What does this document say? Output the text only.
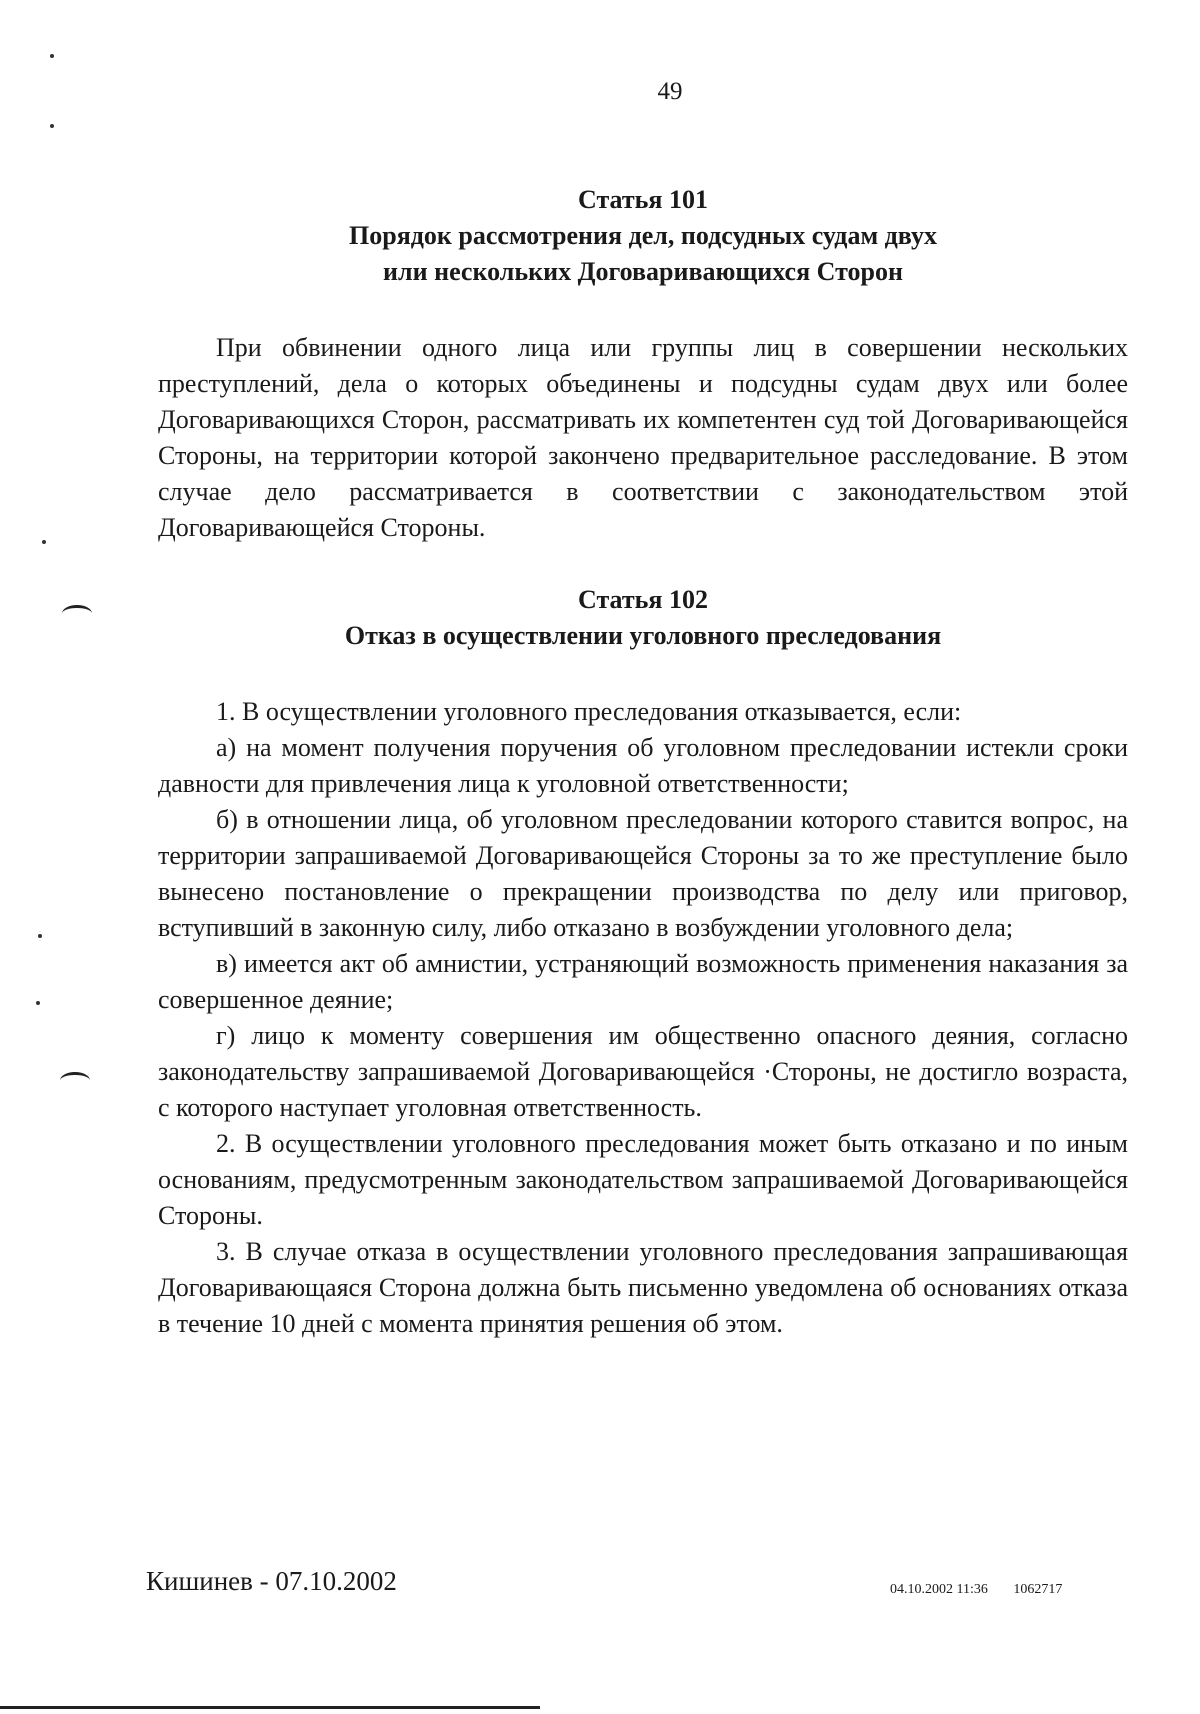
49
Статья 101
Порядок рассмотрения дел, подсудных судам двух или нескольких Договаривающихся Сторон

При обвинении одного лица или группы лиц в совершении нескольких преступлений, дела о которых объединены и подсудны судам двух или более Договаривающихся Сторон, рассматривать их компетентен суд той Договаривающейся Стороны, на территории которой закончено предварительное расследование. В этом случае дело рассматривается в соответствии с законодательством этой Договаривающейся Стороны.

Статья 102
Отказ в осуществлении уголовного преследования

1. В осуществлении уголовного преследования отказывается, если:

а) на момент получения поручения об уголовном преследовании истекли сроки давности для привлечения лица к уголовной ответственности;

б) в отношении лица, об уголовном преследовании которого ставится вопрос, на территории запрашиваемой Договаривающейся Стороны за то же преступление было вынесено постановление о прекращении производства по делу или приговор, вступивший в законную силу, либо отказано в возбуждении уголовного дела;

в) имеется акт об амнистии, устраняющий возможность применения наказания за совершенное деяние;

г) лицо к моменту совершения им общественно опасного деяния, согласно законодательству запрашиваемой Договаривающейся ·Стороны, не достигло возраста, с которого наступает уголовная ответственность.

2. В осуществлении уголовного преследования может быть отказано и по иным основаниям, предусмотренным законодательством запрашиваемой Договаривающейся Стороны.

3. В случае отказа в осуществлении уголовного преследования запрашивающая Договаривающаяся Сторона должна быть письменно уведомлена об основаниях отказа в течение 10 дней с момента принятия решения об этом.

Кишинев - 07.10.2002	04.10.2002 11:36 1062717
